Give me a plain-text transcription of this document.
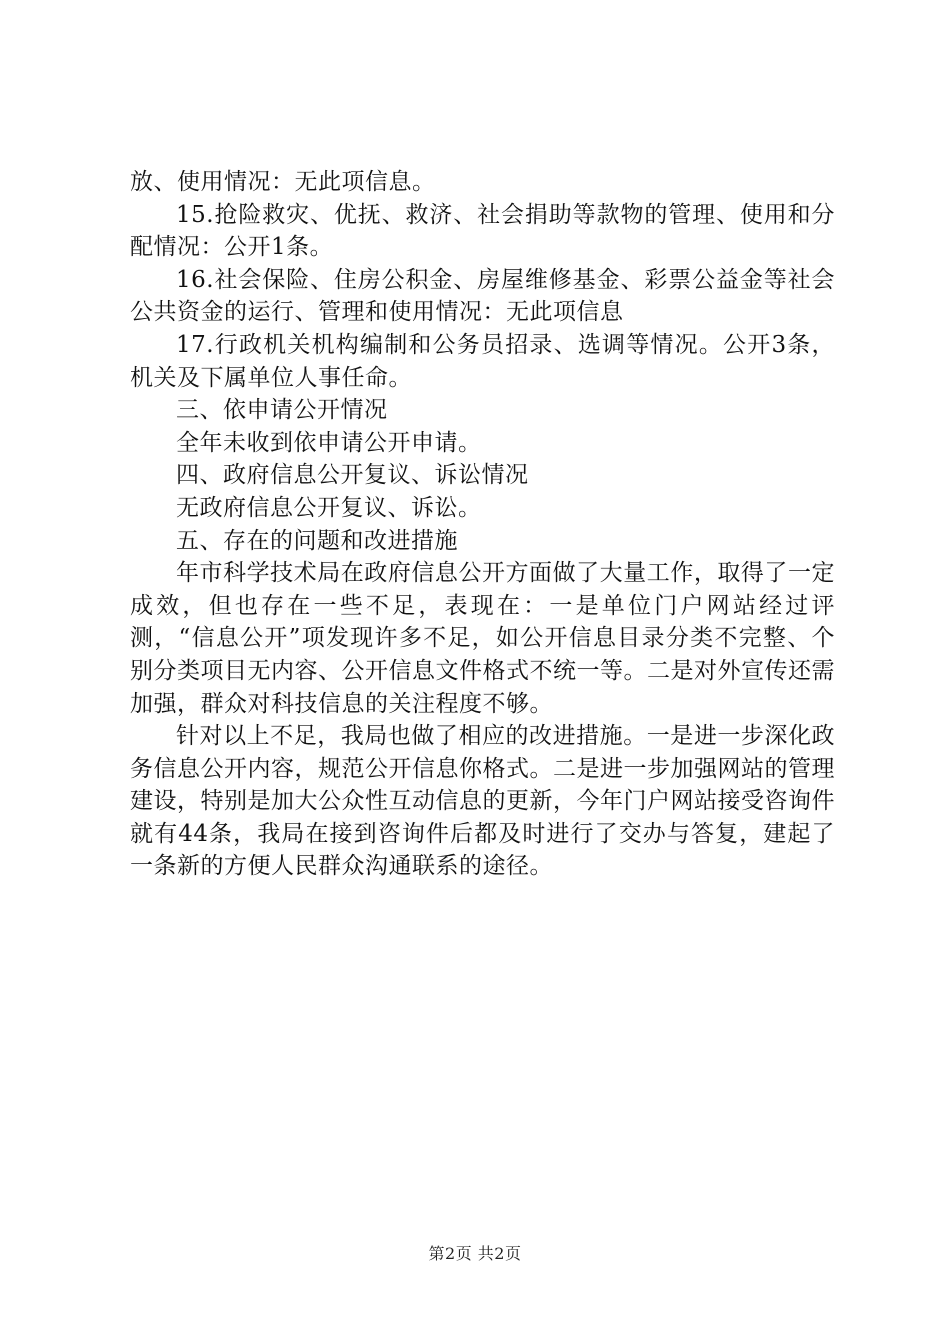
放、使用情况：无此项信息。

15.抢险救灾、优抚、救济、社会捐助等款物的管理、使用和分配情况：公开1条。

16.社会保险、住房公积金、房屋维修基金、彩票公益金等社会公共资金的运行、管理和使用情况：无此项信息

17.行政机关机构编制和公务员招录、选调等情况。公开3条，机关及下属单位人事任命。

三、依申请公开情况

全年未收到依申请公开申请。

四、政府信息公开复议、诉讼情况

无政府信息公开复议、诉讼。

五、存在的问题和改进措施

年市科学技术局在政府信息公开方面做了大量工作，取得了一定成效，但也存在一些不足，表现在：一是单位门户网站经过评测，“信息公开”项发现许多不足，如公开信息目录分类不完整、个别分类项目无内容、公开信息文件格式不统一等。二是对外宣传还需加强，群众对科技信息的关注程度不够。

针对以上不足，我局也做了相应的改进措施。一是进一步深化政务信息公开内容，规范公开信息你格式。二是进一步加强网站的管理建设，特别是加大公众性互动信息的更新，今年门户网站接受咨询件就有44条，我局在接到咨询件后都及时进行了交办与答复，建起了一条新的方便人民群众沟通联系的途径。

第2页 共2页
